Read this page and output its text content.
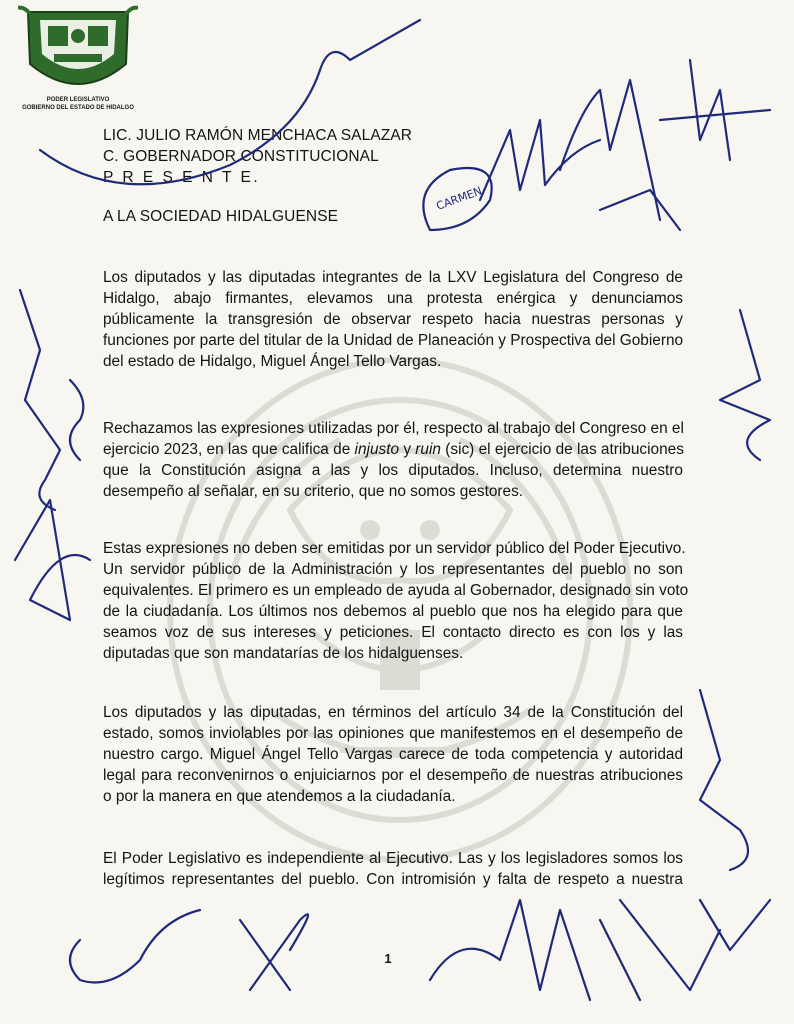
PODER LEGISLATIVO
GOBIERNO DEL ESTADO DE HIDALGO
LIC. JULIO RAMÓN MENCHACA SALAZAR
C. GOBERNADOR CONSTITUCIONAL
P R E S E N T E.
A LA SOCIEDAD HIDALGUENSE
Los diputados y las diputadas integrantes de la LXV Legislatura del Congreso de
Hidalgo, abajo firmantes, elevamos una protesta enérgica y denunciamos
públicamente la transgresión de observar respeto hacia nuestras personas y
funciones por parte del titular de la Unidad de Planeación y Prospectiva del Gobierno
del estado de Hidalgo, Miguel Ángel Tello Vargas.
Rechazamos las expresiones utilizadas por él, respecto al trabajo del Congreso en el
ejercicio 2023, en las que califica de injusto y ruin (sic) el ejercicio de las atribuciones
que la Constitución asigna a las y los diputados. Incluso, determina nuestro
desempeño al señalar, en su criterio, que no somos gestores.
Estas expresiones no deben ser emitidas por un servidor público del Poder Ejecutivo.
Un servidor público de la Administración y los representantes del pueblo no son
equivalentes. El primero es un empleado de ayuda al Gobernador, designado sin voto
de la ciudadanía. Los últimos nos debemos al pueblo que nos ha elegido para que
seamos voz de sus intereses y peticiones. El contacto directo es con los y las
diputadas que son mandatarías de los hidalguenses.
Los diputados y las diputadas, en términos del artículo 34 de la Constitución del
estado, somos inviolables por las opiniones que manifestemos en el desempeño de
nuestro cargo. Miguel Ángel Tello Vargas carece de toda competencia y autoridad
legal para reconvenirnos o enjuiciarnos por el desempeño de nuestras atribuciones
o por la manera en que atendemos a la ciudadanía.
El Poder Legislativo es independiente al Ejecutivo. Las y los legisladores somos los
legítimos representantes del pueblo. Con intromisión y falta de respeto a nuestra
1
CARMEN
